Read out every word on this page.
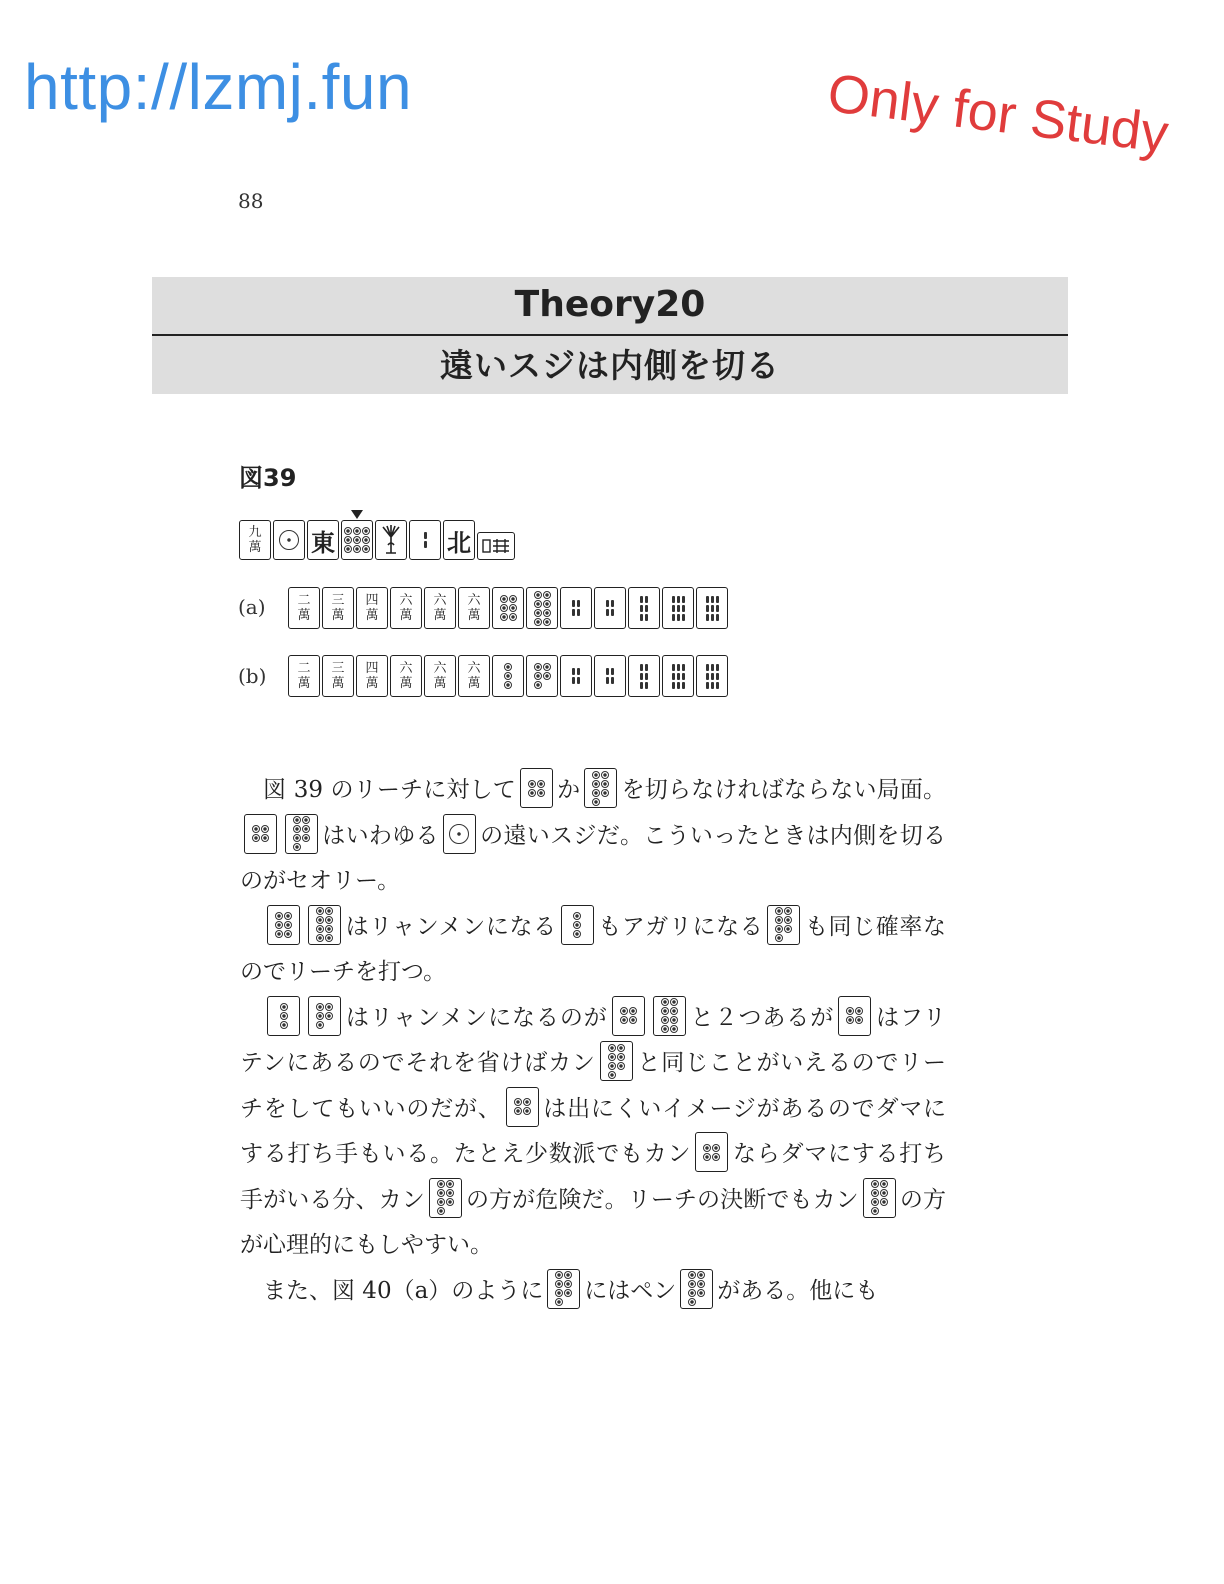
http://lzmj.fun	Only for Study
88
Theory20
遠いスジは内側を切る
図39
九
萬 東	北
(a) 二
萬
三
萬
四
萬
六
萬
六
萬
六
萬
(b) 二
萬
三
萬
四
萬
六
萬
六
萬
六
萬

図 39 のリーチに対して か を切らなければならない局面。
はいわゆる の遠いスジだ。こういったときは内側を切るのがセオリー。

はリャンメンになる もアガリになる も同じ確率なのでリーチを打つ。

はリャンメンになるのが	と２つあるが はフリテンにあるのでそれを省けばカン と同じことがいえるのでリーチをしてもいいのだが、 は出にくいイメージがあるのでダマにする打ち手もいる。たとえ少数派でもカン ならダマにする打ち手がいる分、カン の方が危険だ。リーチの決断でもカン の方が心理的にもしやすい。

また、図 40（a）のように にはペン がある。他にも
